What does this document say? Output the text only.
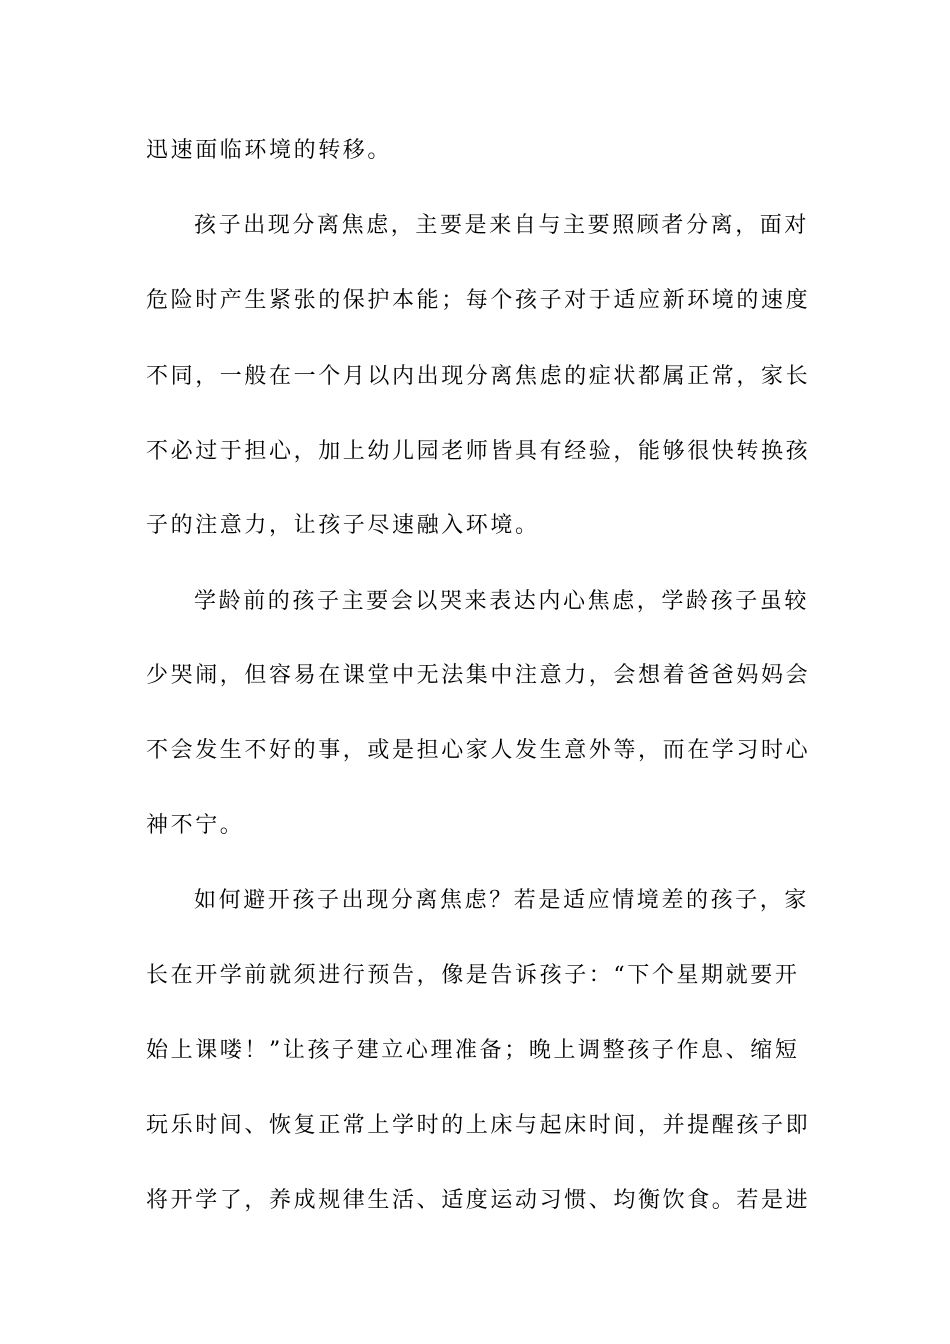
迅速面临环境的转移。
孩子出现分离焦虑，主要是来自与主要照顾者分离，面对
危险时产生紧张的保护本能；每个孩子对于适应新环境的速度
不同，一般在一个月以内出现分离焦虑的症状都属正常，家长
不必过于担心，加上幼儿园老师皆具有经验，能够很快转换孩
子的注意力，让孩子尽速融入环境。
学龄前的孩子主要会以哭来表达内心焦虑，学龄孩子虽较
少哭闹，但容易在课堂中无法集中注意力，会想着爸爸妈妈会
不会发生不好的事，或是担心家人发生意外等，而在学习时心
神不宁。
如何避开孩子出现分离焦虑？若是适应情境差的孩子，家
长在开学前就须进行预告，像是告诉孩子：“下个星期就要开
始上课喽！”让孩子建立心理准备；晚上调整孩子作息、缩短
玩乐时间、恢复正常上学时的上床与起床时间，并提醒孩子即
将开学了，养成规律生活、适度运动习惯、均衡饮食。若是进
